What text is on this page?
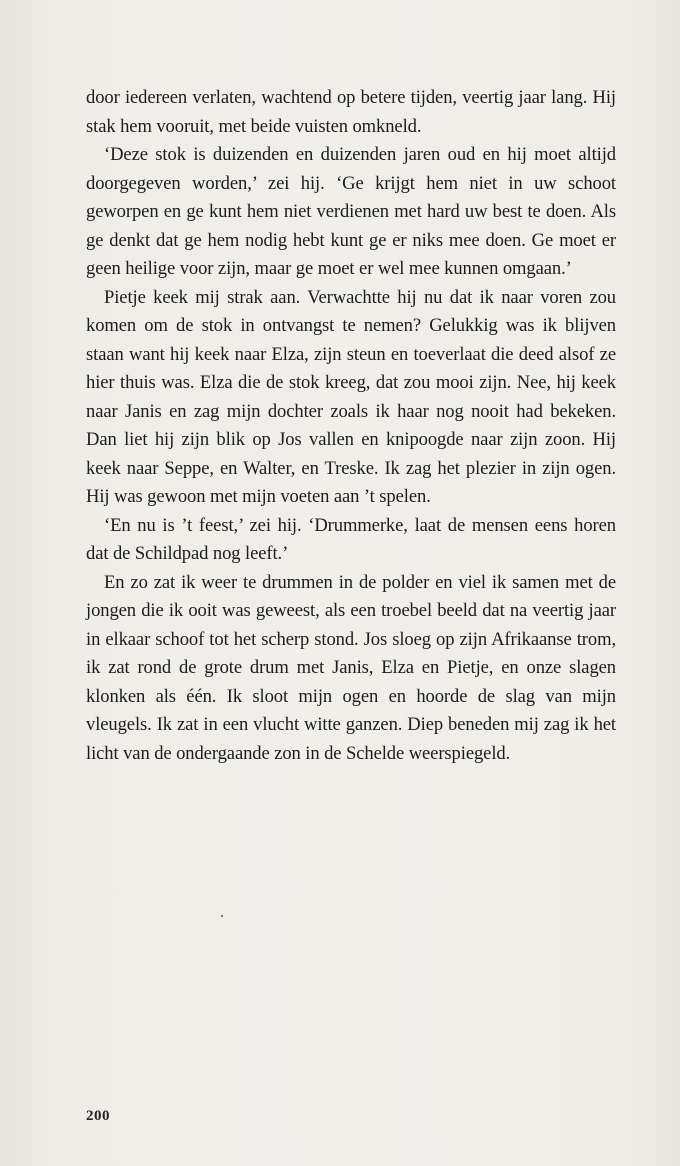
door iedereen verlaten, wachtend op betere tijden, veertig jaar lang. Hij stak hem vooruit, met beide vuisten omkneld.

‘Deze stok is duizenden en duizenden jaren oud en hij moet altijd doorgegeven worden,’ zei hij. ‘Ge krijgt hem niet in uw schoot geworpen en ge kunt hem niet verdienen met hard uw best te doen. Als ge denkt dat ge hem nodig hebt kunt ge er niks mee doen. Ge moet er geen heilige voor zijn, maar ge moet er wel mee kunnen omgaan.’

Pietje keek mij strak aan. Verwachtte hij nu dat ik naar voren zou komen om de stok in ontvangst te nemen? Gelukkig was ik blijven staan want hij keek naar Elza, zijn steun en toeverlaat die deed alsof ze hier thuis was. Elza die de stok kreeg, dat zou mooi zijn. Nee, hij keek naar Janis en zag mijn dochter zoals ik haar nog nooit had bekeken. Dan liet hij zijn blik op Jos vallen en knipoogde naar zijn zoon. Hij keek naar Seppe, en Walter, en Treske. Ik zag het plezier in zijn ogen. Hij was gewoon met mijn voeten aan ’t spelen.

‘En nu is ’t feest,’ zei hij. ‘Drummerke, laat de mensen eens horen dat de Schildpad nog leeft.’

En zo zat ik weer te drummen in de polder en viel ik samen met de jongen die ik ooit was geweest, als een troebel beeld dat na veertig jaar in elkaar schoof tot het scherp stond. Jos sloeg op zijn Afrikaanse trom, ik zat rond de grote drum met Janis, Elza en Pietje, en onze slagen klonken als één. Ik sloot mijn ogen en hoorde de slag van mijn vleugels. Ik zat in een vlucht witte ganzen. Diep beneden mij zag ik het licht van de ondergaande zon in de Schelde weerspiegeld.

200
